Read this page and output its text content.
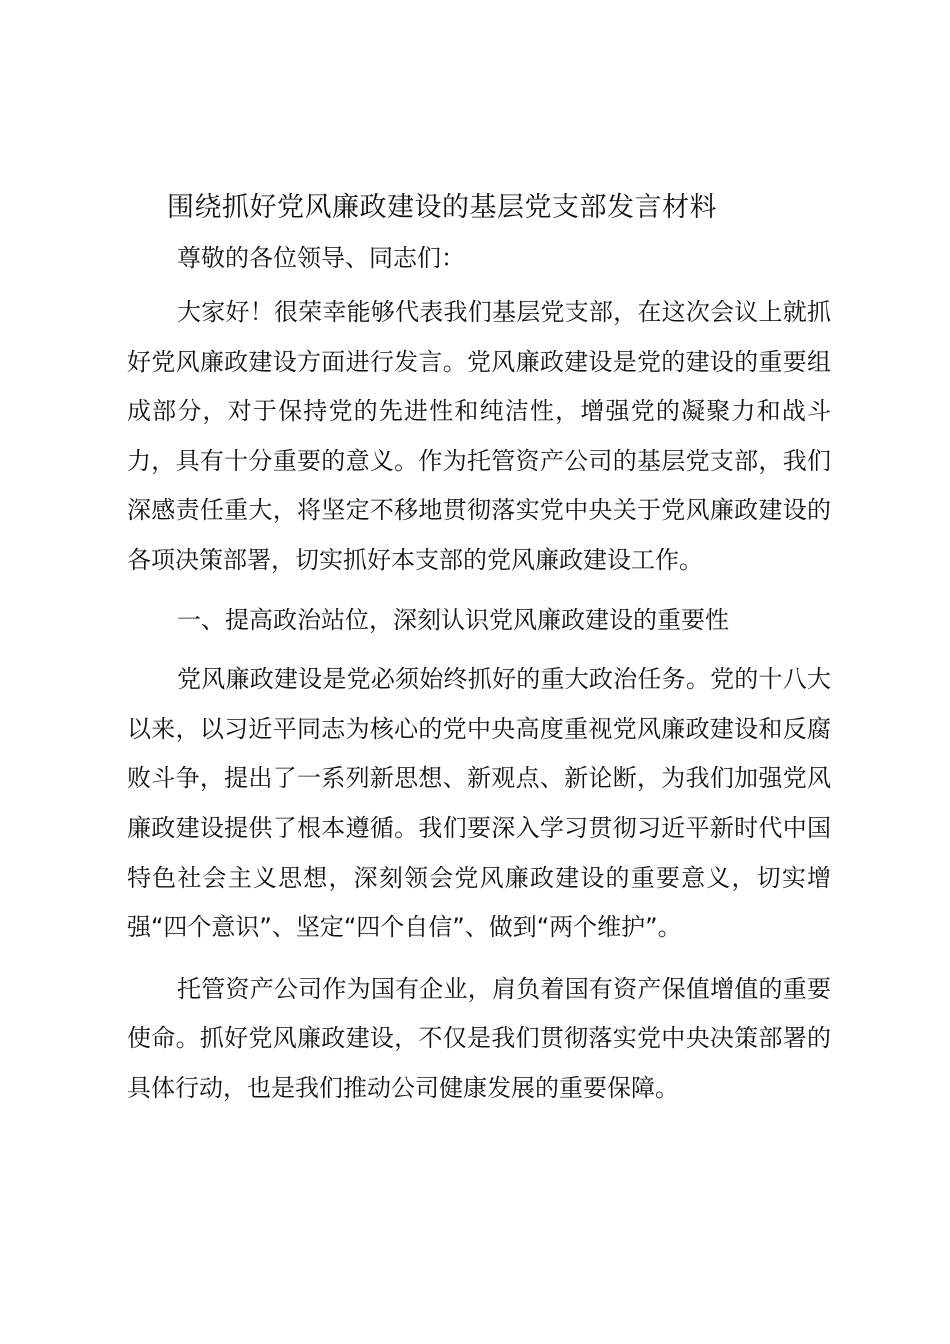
围绕抓好党风廉政建设的基层党支部发言材料

尊敬的各位领导、同志们：

大家好！很荣幸能够代表我们基层党支部，在这次会议上就抓好党风廉政建设方面进行发言。党风廉政建设是党的建设的重要组成部分，对于保持党的先进性和纯洁性，增强党的凝聚力和战斗力，具有十分重要的意义。作为托管资产公司的基层党支部，我们深感责任重大，将坚定不移地贯彻落实党中央关于党风廉政建设的各项决策部署，切实抓好本支部的党风廉政建设工作。

一、提高政治站位，深刻认识党风廉政建设的重要性

党风廉政建设是党必须始终抓好的重大政治任务。党的十八大以来，以习近平同志为核心的党中央高度重视党风廉政建设和反腐败斗争，提出了一系列新思想、新观点、新论断，为我们加强党风廉政建设提供了根本遵循。我们要深入学习贯彻习近平新时代中国特色社会主义思想，深刻领会党风廉政建设的重要意义，切实增强“四个意识”、坚定“四个自信”、做到“两个维护”。

托管资产公司作为国有企业，肩负着国有资产保值增值的重要使命。抓好党风廉政建设，不仅是我们贯彻落实党中央决策部署的具体行动，也是我们推动公司健康发展的重要保障。
